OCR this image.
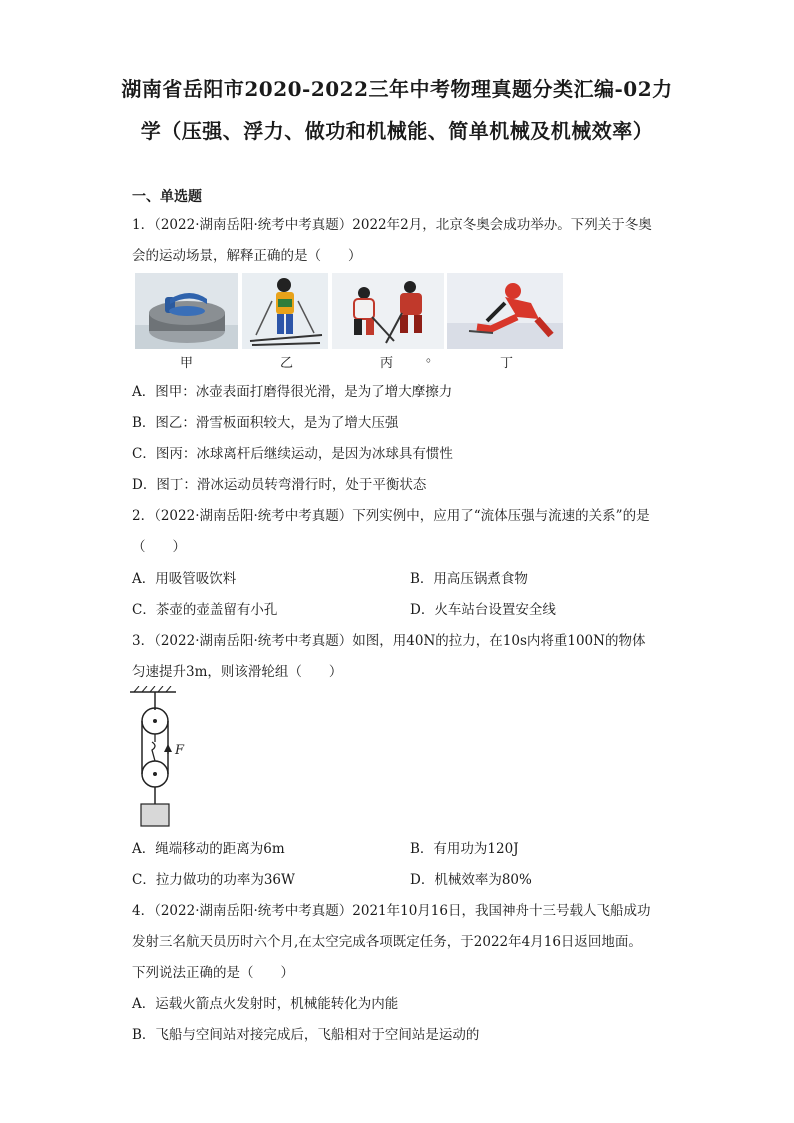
湖南省岳阳市2020-2022三年中考物理真题分类汇编-02力
学（压强、浮力、做功和机械能、简单机械及机械效率）
一、单选题
1．（2022·湖南岳阳·统考中考真题）2022年2月，北京冬奥会成功举办。下列关于冬奥
会的运动场景，解释正确的是（　　）
甲	乙	丙	。	丁
A．图甲：冰壶表面打磨得很光滑，是为了增大摩擦力
B．图乙：滑雪板面积较大，是为了增大压强
C．图丙：冰球离杆后继续运动，是因为冰球具有惯性
D．图丁：滑冰运动员转弯滑行时，处于平衡状态
2．（2022·湖南岳阳·统考中考真题）下列实例中，应用了“流体压强与流速的关系”的是
（　　）
A．用吸管吸饮料	B．用高压锅煮食物
C．茶壶的壶盖留有小孔	D．火车站台设置安全线
3．（2022·湖南岳阳·统考中考真题）如图，用40N的拉力，在10s内将重100N的物体
匀速提升3m，则该滑轮组（　　）
F
A．绳端移动的距离为6m	B．有用功为120J
C．拉力做功的功率为36W	D．机械效率为80%
4．（2022·湖南岳阳·统考中考真题）2021年10月16日，我国神舟十三号载人飞船成功
发射三名航天员历时六个月,在太空完成各项既定任务，于2022年4月16日返回地面。
下列说法正确的是（　　）
A．运载火箭点火发射时，机械能转化为内能
B．飞船与空间站对接完成后，飞船相对于空间站是运动的
